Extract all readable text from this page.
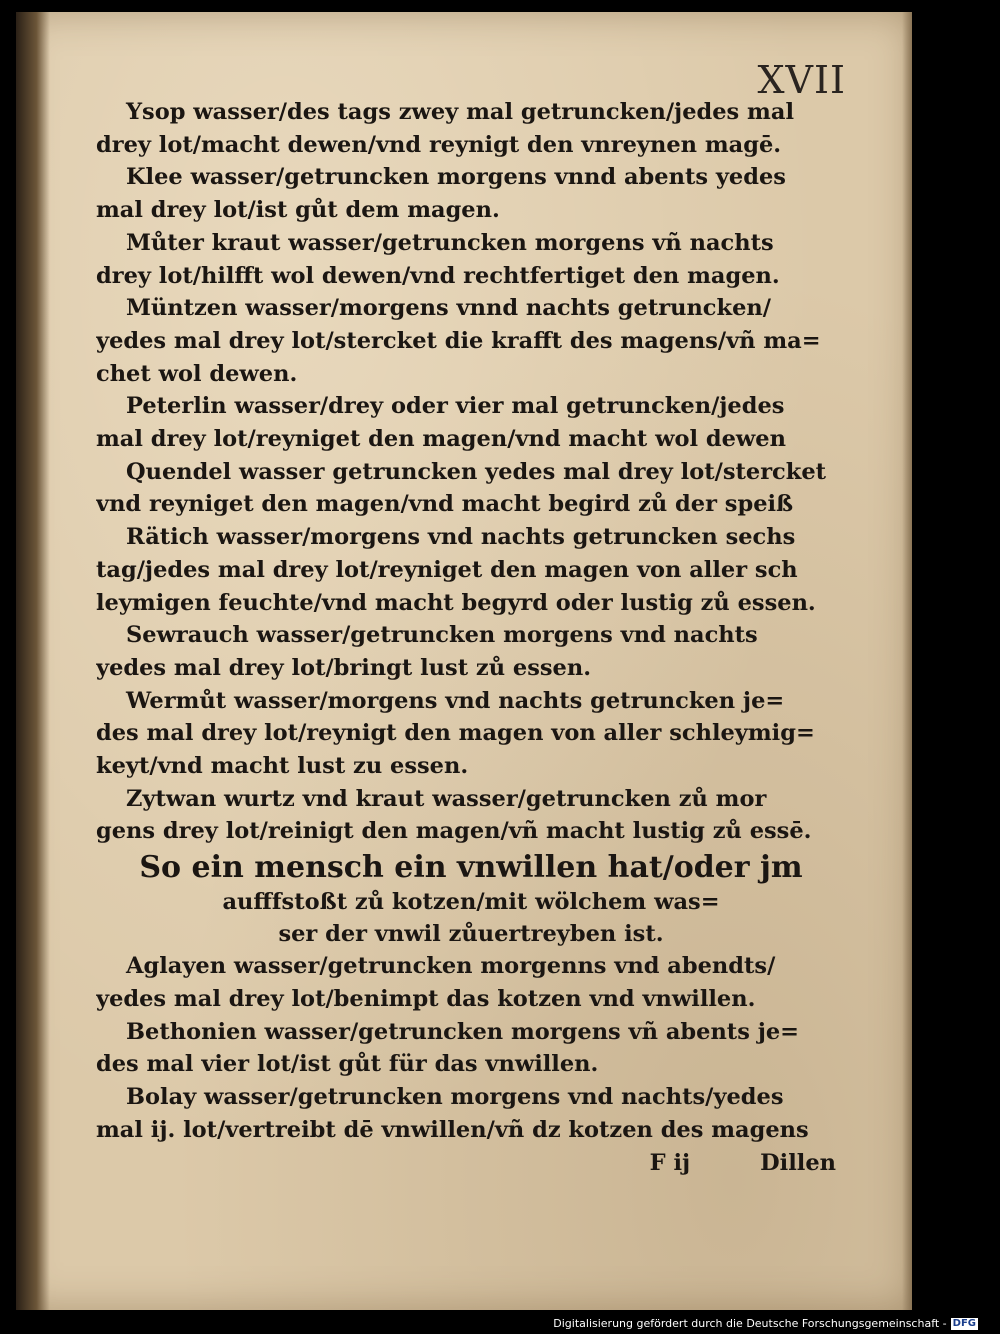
XVII
Ysop wasser/des tags zwey mal getruncken/jedes mal
drey lot/macht dewen/vnd reynigt den vnreynen magē.
Klee wasser/getruncken morgens vnnd abents yedes
mal drey lot/ist gůt dem magen.
Můter kraut wasser/getruncken morgens vñ nachts
drey lot/hilfft wol dewen/vnd rechtfertiget den magen.
Müntzen wasser/morgens vnnd nachts getruncken/
yedes mal drey lot/stercket die krafft des magens/vñ ma=
chet wol dewen.
Peterlin wasser/drey oder vier mal getruncken/jedes
mal drey lot/reyniget den magen/vnd macht wol dewen
Quendel wasser getruncken yedes mal drey lot/stercket
vnd reyniget den magen/vnd macht begird zů der speiß
Rätich wasser/morgens vnd nachts getruncken sechs
tag/jedes mal drey lot/reyniget den magen von aller sch
leymigen feuchte/vnd macht begyrd oder lustig zů essen.
Sewrauch wasser/getruncken morgens vnd nachts
yedes mal drey lot/bringt lust zů essen.
Wermůt wasser/morgens vnd nachts getruncken je=
des mal drey lot/reynigt den magen von aller schleymig=
keyt/vnd macht lust zu essen.
Zytwan wurtz vnd kraut wasser/getruncken zů mor
gens drey lot/reinigt den magen/vñ macht lustig zů essē.
So ein mensch ein vnwillen hat/oder jm
aufffstoßt zů kotzen/mit wölchem was=
ser der vnwil zůuertreyben ist.
Aglayen wasser/getruncken morgenns vnd abendts/
yedes mal drey lot/benimpt das kotzen vnd vnwillen.
Bethonien wasser/getruncken morgens vñ abents je=
des mal vier lot/ist gůt für das vnwillen.
Bolay wasser/getruncken morgens vnd nachts/yedes
mal ij. lot/vertreibt dē vnwillen/vñ dz kotzen des magens
F ij	Dillen
Digitalisierung gefördert durch die Deutsche Forschungsgemeinschaft - DFG
